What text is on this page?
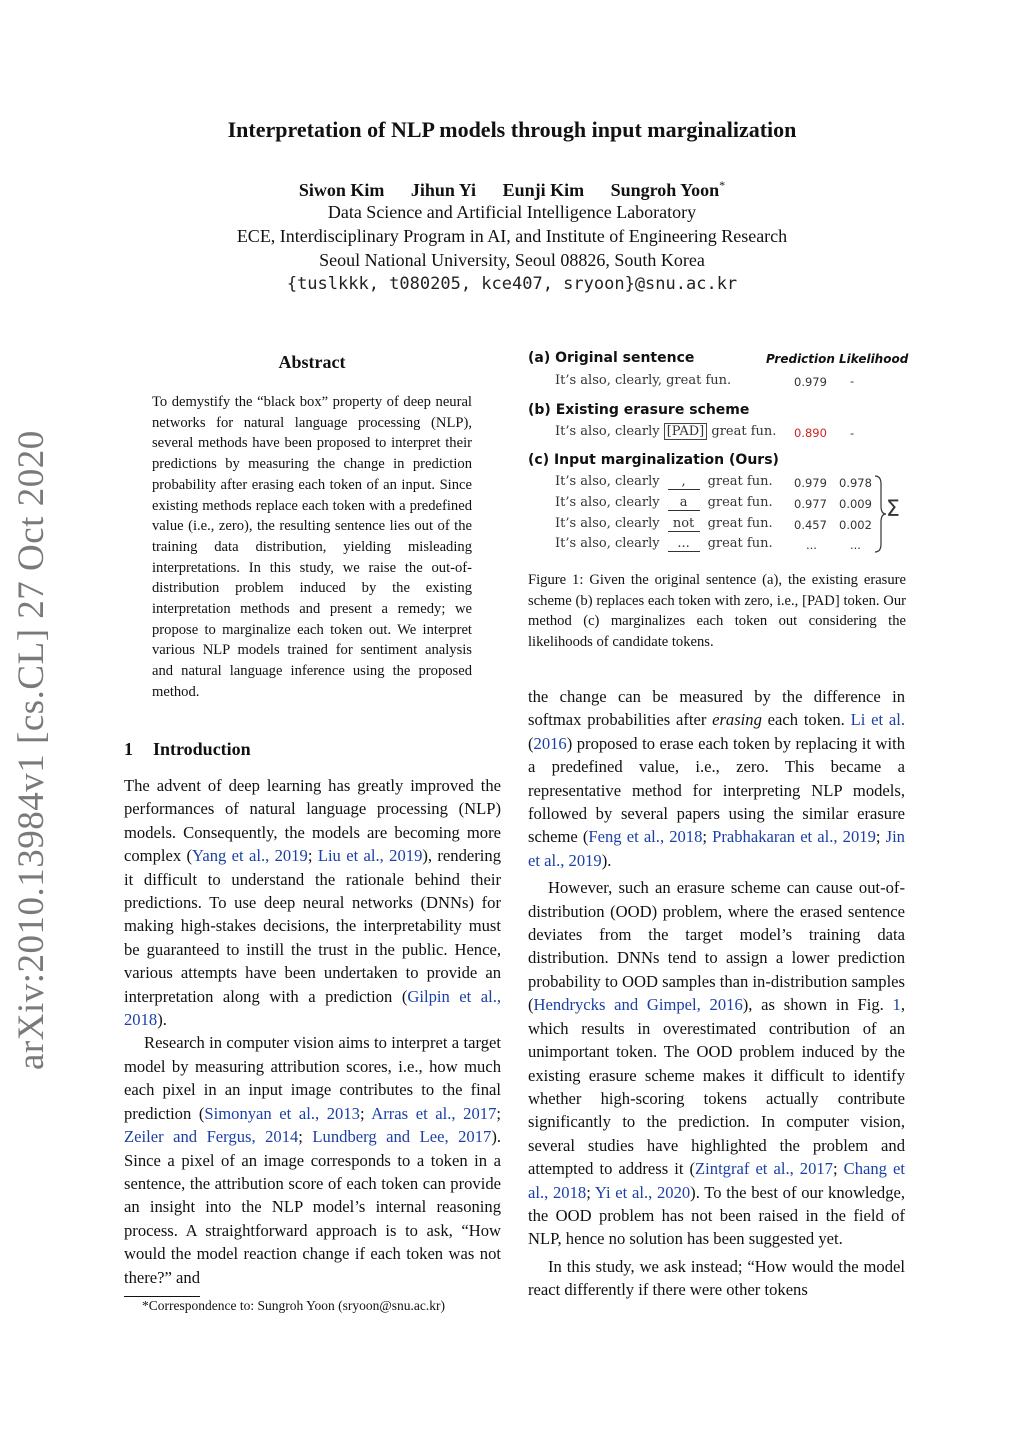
arXiv:2010.13984v1 [cs.CL] 27 Oct 2020
Interpretation of NLP models through input marginalization
Siwon Kim Jihun Yi Eunji Kim Sungroh Yoon*
Data Science and Artificial Intelligence Laboratory
ECE, Interdisciplinary Program in AI, and Institute of Engineering Research
Seoul National University, Seoul 08826, South Korea
{tuslkkk, t080205, kce407, sryoon}@snu.ac.kr
Abstract
To demystify the “black box” property of deep neural networks for natural language processing (NLP), several methods have been proposed to interpret their predictions by measuring the change in prediction probability after erasing each token of an input. Since existing methods replace each token with a predefined value (i.e., zero), the resulting sentence lies out of the training data distribution, yielding misleading interpretations. In this study, we raise the out-of-distribution problem induced by the existing interpretation methods and present a remedy; we propose to marginalize each token out. We interpret various NLP models trained for sentiment analysis and natural language inference using the proposed method.
1 Introduction

The advent of deep learning has greatly improved the performances of natural language processing (NLP) models. Consequently, the models are becoming more complex (Yang et al., 2019; Liu et al., 2019), rendering it difficult to understand the rationale behind their predictions. To use deep neural networks (DNNs) for making high-stakes decisions, the interpretability must be guaranteed to instill the trust in the public. Hence, various attempts have been undertaken to provide an interpretation along with a prediction (Gilpin et al., 2018).

Research in computer vision aims to interpret a target model by measuring attribution scores, i.e., how much each pixel in an input image contributes to the final prediction (Simonyan et al., 2013; Arras et al., 2017; Zeiler and Fergus, 2014; Lundberg and Lee, 2017). Since a pixel of an image corresponds to a token in a sentence, the attribution score of each token can provide an insight into the NLP model’s internal reasoning process. A straightforward approach is to ask, “How would the model reaction change if each token was not there?” and

*Correspondence to: Sungroh Yoon (sryoon@snu.ac.kr)
Prediction Likelihood
(a) Original sentence
It’s also, clearly, great fun.	0.979 -
(b) Existing erasure scheme
It’s also, clearly [PAD] great fun. 0.890 -
(c) Input marginalization (Ours)
It’s also, clearly , great fun. 0.979 0.978
It’s also, clearly a great fun. 0.977 0.009
It’s also, clearly not great fun. 0.457 0.002
It’s also, clearly ... great fun.	...	...
Σ
Figure 1: Given the original sentence (a), the existing erasure scheme (b) replaces each token with zero, i.e., [PAD] token. Our method (c) marginalizes each token out considering the likelihoods of candidate tokens.

the change can be measured by the difference in softmax probabilities after erasing each token. Li et al. (2016) proposed to erase each token by replacing it with a predefined value, i.e., zero. This became a representative method for interpreting NLP models, followed by several papers using the similar erasure scheme (Feng et al., 2018; Prabhakaran et al., 2019; Jin et al., 2019).

However, such an erasure scheme can cause out-of-distribution (OOD) problem, where the erased sentence deviates from the target model’s training data distribution. DNNs tend to assign a lower prediction probability to OOD samples than in-distribution samples (Hendrycks and Gimpel, 2016), as shown in Fig. 1, which results in overestimated contribution of an unimportant token. The OOD problem induced by the existing erasure scheme makes it difficult to identify whether high-scoring tokens actually contribute significantly to the prediction. In computer vision, several studies have highlighted the problem and attempted to address it (Zintgraf et al., 2017; Chang et al., 2018; Yi et al., 2020). To the best of our knowledge, the OOD problem has not been raised in the field of NLP, hence no solution has been suggested yet.

In this study, we ask instead; “How would the model react differently if there were other tokens
